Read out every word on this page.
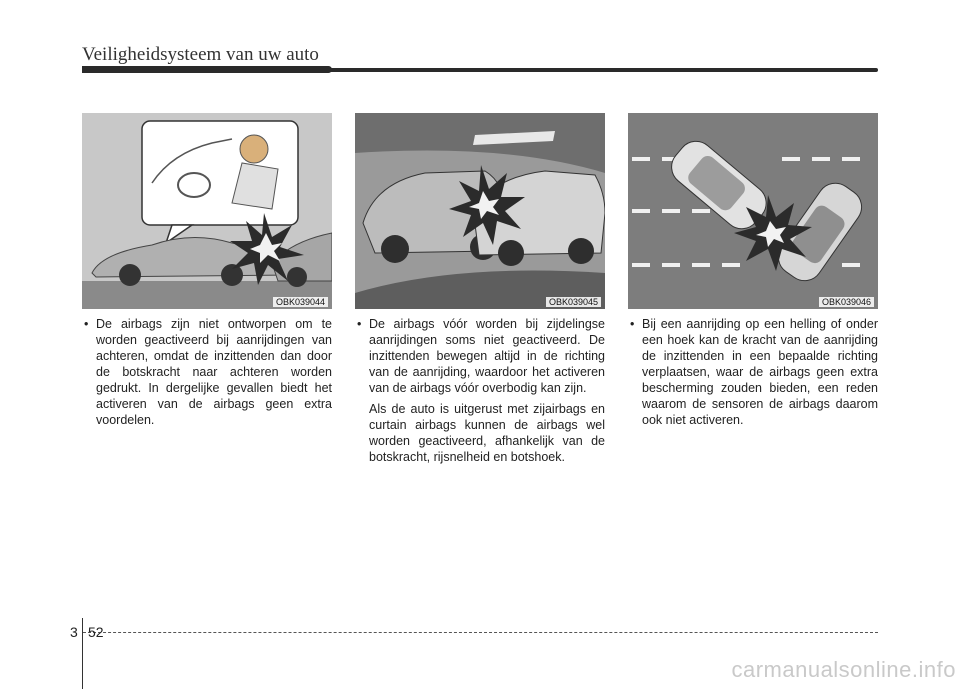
Veiligheidsysteem van uw auto
OBK039044	OBK039045	OBK039046
• De airbags zijn niet ontworpen om te worden geactiveerd bij aanrijdingen van achteren, omdat de inzittenden dan door de botskracht naar achteren worden gedrukt. In dergelijke gevallen biedt het activeren van de airbags geen extra voordelen.
• De airbags vóór worden bij zijdelingse aanrijdingen soms niet geactiveerd. De inzittenden bewegen altijd in de richting van de aanrijding, waardoor het activeren van de airbags vóór overbodig kan zijn.
Als de auto is uitgerust met zijairbags en curtain airbags kunnen de airbags wel worden geactiveerd, afhankelijk van de botskracht, rijsnelheid en botshoek.
• Bij een aanrijding op een helling of onder een hoek kan de kracht van de aanrijding de inzittenden in een bepaalde richting verplaatsen, waar de airbags geen extra bescherming zouden bieden, een reden waarom de sensoren de airbags daarom ook niet activeren.
3 52
carmanualsonline.info
